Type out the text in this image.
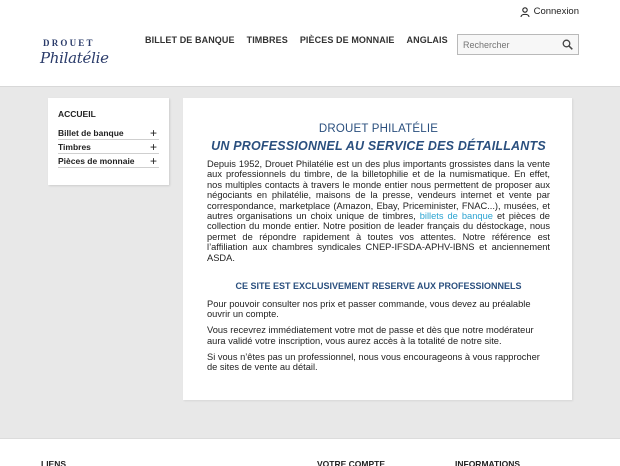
Connexion
DROUET
Philatélie
BILLET DE BANQUE TIMBRES PIÈCES DE MONNAIE ANGLAIS
Rechercher
ACCUEIL
Billet de banque +
Timbres	+
Pièces de monnaie +
DROUET PHILATÉLIE
UN PROFESSIONNEL AU SERVICE DES DÉTAILLANTS

Depuis 1952, Drouet Philatélie est un des plus importants grossistes dans la vente aux professionnels du timbre, de la billetophilie et de la numismatique. En effet, nos multiples contacts à travers le monde entier nous permettent de proposer aux négociants en philatélie, maisons de la presse, vendeurs internet et vente par correspondance, marketplace (Amazon, Ebay, Priceminister, FNAC...), musées, et autres organisations un choix unique de timbres, billets de banque et pièces de collection du monde entier. Notre position de leader français du déstockage, nous permet de répondre rapidement à toutes vos attentes. Notre référence est l’affiliation aux chambres syndicales CNEP-IFSDA-APHV-IBNS et anciennement ASDA.

CE SITE EST EXCLUSIVEMENT RESERVE AUX PROFESSIONNELS

Pour pouvoir consulter nos prix et passer commande, vous devez au préalable ouvrir un compte.

Vous recevrez immédiatement votre mot de passe et dès que notre modérateur aura validé votre inscription, vous aurez accès à la totalité de notre site.

Si vous n’êtes pas un professionnel, nous vous encourageons à vous rapprocher de sites de vente au détail.

LIENS	VOTRE COMPTE	INFORMATIONS
